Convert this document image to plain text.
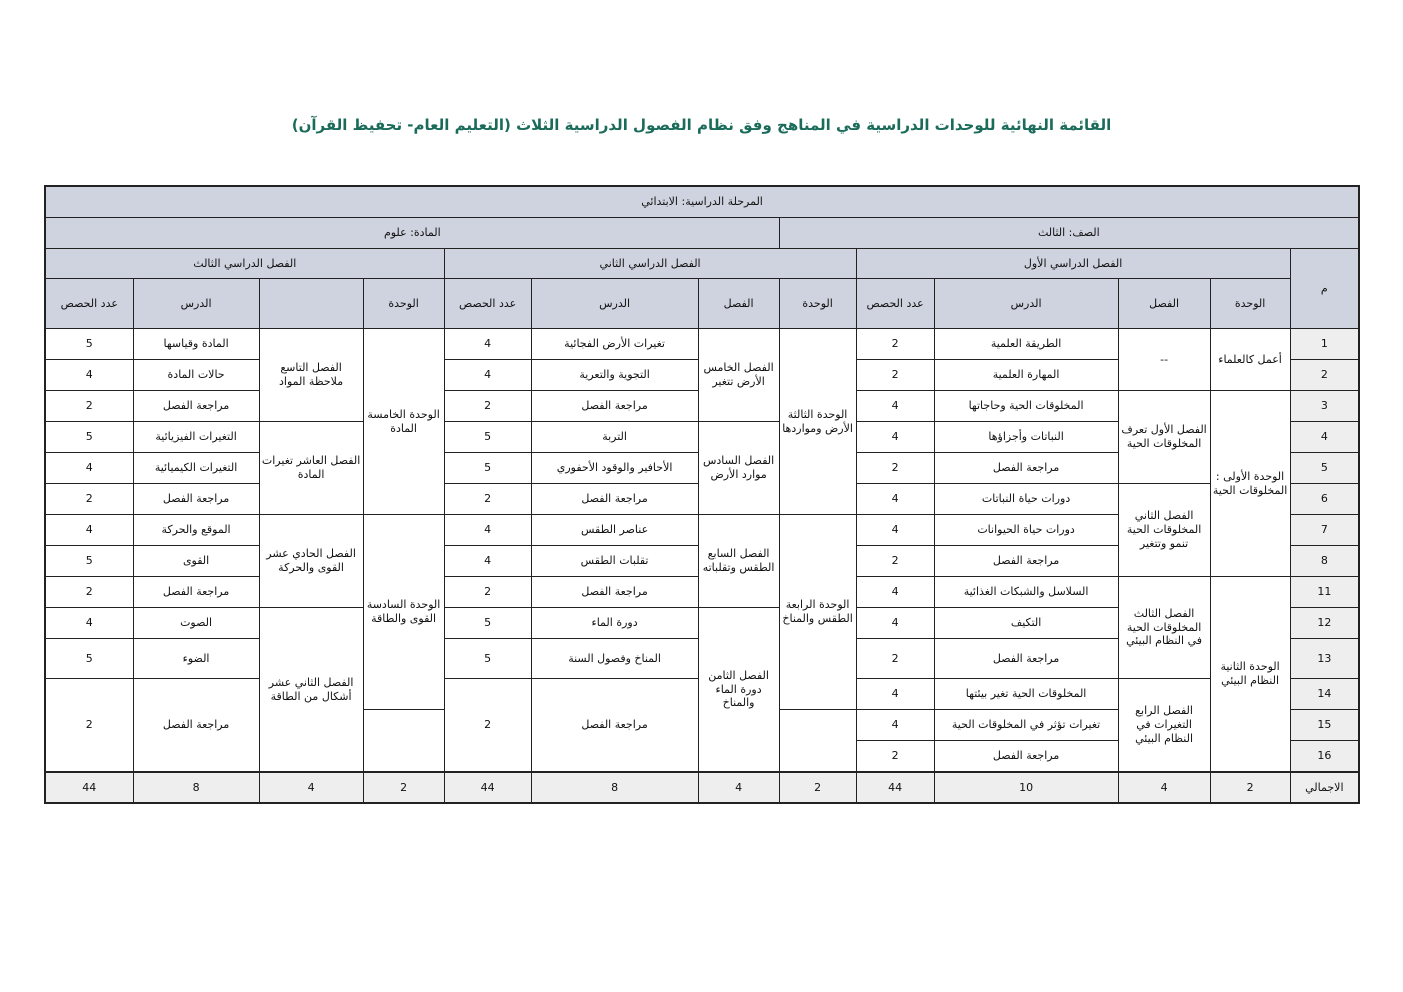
القائمة النهائية للوحدات الدراسية في المناهج وفق نظام الفصول الدراسية الثلاث (التعليم العام- تحفيظ القرآن)
المرحلة الدراسية: الابتدائي												
الصف: الثالث						المادة: علوم						
م	الفصل الدراسي الأول				الفصل الدراسي الثاني				الفصل الدراسي الثالث			
	الوحدة	الفصل	الدرس	عدد الحصص	الوحدة	الفصل	الدرس	عدد الحصص	الوحدة		الدرس	عدد الحصص
1	أعمل كالعلماء	--	الطريقة العلمية	2	الوحدة الثالثة الأرض ومواردها	الفصل الخامس الأرض تتغير	تغيرات الأرض الفجائية	4	الوحدة الخامسة المادة	الفصل التاسع ملاحظة المواد	المادة وقياسها	5
2			المهارة العلمية	2			التجوية والتعرية	4			حالات المادة	4
3	الوحدة الأولى : المخلوقات الحية	الفصل الأول تعرف المخلوقات الحية	المخلوقات الحية وحاجاتها	4			مراجعة الفصل	2			مراجعة الفصل	2
4			النباتات وأجزاؤها	4		الفصل السادس موارد الأرض	التربة	5		الفصل العاشر تغيرات المادة	التغيرات الفيزيائية	5
5			مراجعة الفصل	2			الأحافير والوقود الأحفوري	5			التغيرات الكيميائية	4
6		الفصل الثاني المخلوقات الحية تنمو وتتغير	دورات حياة النباتات	4			مراجعة الفصل	2			مراجعة الفصل	2
7			دورات حياة الحيوانات	4	الوحدة الرابعة الطقس والمناخ	الفصل السابع الطقس وتقلباته	عناصر الطقس	4	الوحدة السادسة القوى والطاقة	الفصل الحادي عشر القوى والحركة	الموقع والحركة	4
8			مراجعة الفصل	2			تقلبات الطقس	4			القوى	5
11	الوحدة الثانية النظام البيئي	الفصل الثالث المخلوقات الحية في النظام البيئي	السلاسل والشبكات الغذائية	4			مراجعة الفصل	2			مراجعة الفصل	2
12			التكيف	4		الفصل الثامن دورة الماء والمناخ	دورة الماء	5		الفصل الثاني عشر أشكال من الطاقة	الصوت	4
13			مراجعة الفصل	2			المناخ وفصول السنة	5			الضوء	5
14		الفصل الرابع التغيرات في النظام البيئي	المخلوقات الحية تغير بيئتها	4			مراجعة الفصل	2			مراجعة الفصل	2
15			تغيرات تؤثر في المخلوقات الحية	4								
16			مراجعة الفصل	2								
الاجمالي	2	4	10	44	2	4	8	44	2	4	8	44
